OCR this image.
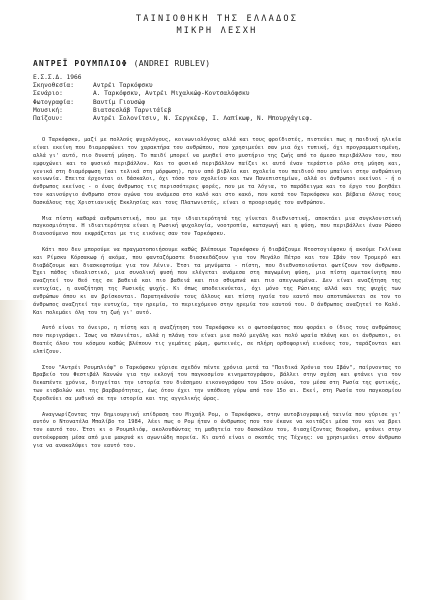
ΤΑΙΝΙΟΘΗΚΗ ΤΗΣ ΕΛΛΑΔΟΣ
ΜΙΚΡΗ ΛΕΣΧΗ
ΑΝΤΡΕΪ ΡΟΥΜΠΛΙΟΦ (ANDREI RUBLEV)
Ε.Σ.Σ.Δ. 1966
Σκηνοθεσία:	Αντρέι Ταρκόφσκυ
Σενάριο:	Α. Ταρκόφσκυ, Αντρέι Μιχαλκώφ-Κοντσαλόφσκυ
Φωτογραφία:	Βαντίμ Γιουσώφ
Μουσική:	Βιατσεσλάβ Ταρνιτάϊεβ
Παίζουν:	Αντρέι Σολονίτσιν, Ν. Σεργκέεφ, Ι. Λαπίκωφ, Ν. Μπουρχάγιεφ.

Ο Ταρκόφσκυ, μαζί με πολλούς ψυχολόγους, κοινωνιολόγους αλλά και τους φροϊδιστές, πιστεύει πως η παιδική ηλικία είναι εκείνη που διαμορφώνει τον χαρακτήρα του ανθρώπου, που χρησιμεύει σαν μια όχι τυπική, όχι προγραμματισμένη, αλλά γι' αυτό, πιο δυνατή μύηση. Το παιδί μπορεί να μυηθεί στο μυστήριο της ζωής από το άμεσο περιβάλλον του, που εμφυχώνει και το φυσικό περιβάλλον. Και το φυσικό περιβάλλον παίζει κι αυτό έναν τεράστιο ρόλο στη μύηση και, γενικά στη διαμόρφωση (και τελικά στη μόρφωση), πριν από βιβλία και σχολεία του παιδιού που μπαίνει στην ανθρώπινη κοινωνία. Επειτα έρχονται οι δάσκαλοι, όχι τόσο του σχολείου και των Πανεπιστημίων, αλλά οι άνθρωποι εκείνοι - ή ο άνθρωπος εκείνος - ο ένας άνθρωπος τις περισσότερες φορές, που με τα λόγια, το παράδειγμα και το έργο του βοηθάει τον καινούργιο άνθρωπο στον αγώνα του ανάμεσα στο καλό και στο κακό, που κατά τον Ταρκόφσκυ και βέβαια όλους τους δασκάλους της Χριστιανικής Εκκλησίας και τους Πλατωνιστές, είναι ο προορισμός του ανθρώπου.

Μια πίστη καθαρά ανθρωπιστική, που με την ιδιαιτερότητά της γίνεται διεθνιστική, αποκτάει μια συγκλονιστική παγκοσμιότητα. Η ιδιαιτερότητα είναι η Ρωσική ψυχολογία, νοοτροπία, καταγωγή και η φύση, που περιβάλλει έναν Ρώσσο διανοούμενο που εκφράζεται με τις εικόνες σαν τον Ταρκόφσκυ.

Κάτι που δεν μπορούμε να πραγματοποιήσουμε καθώς βλέπουμε Ταρκόφσκυ ή διαβάζουμε Ντοστογιέφσκυ ή ακούμε Γκλίνκα και Ρίμσκυ Κόρσακωφ ή ακόμα, που φανταζόμαστε διασκεδάζουν για τον Μεγάλο Πέτρο και τον Ιβάν τον Τρομερό και διαβάζουμε και διασκεφτούμε για τον Λένιν. Έτσι τα μηνύματα - πίστη, που διεθνοποιούνται φωτίζουν τον άνθρωπο. Έχει πάθος ιδεαλιστικό, μια συνολική φυσή που ελέγεται ανάμεσα στη παγωμένη φύση, μια πίστη αμετακίνητη που αναζητεί τον Θεό της σε βαθειά και πιο βαθειά και πιο σθυμπνά και πιο απεγνωσμένα. Δεν είναι αναζήτηση της ευτυχίας, η αναζήτηση της Ρωσικής ψυχής. Κι όπως αποδεικνύεται, όχι μόνο της Ρώσικης αλλά και της ψυχής των ανθρώπων όπου κι αν βρίσκονται. Παρατηκάνούν τους άλλους και πίστη ηγαία του εαυτό που αποτυπώνεται σε τον το άνθρωπος αναζητεί την ευτυχία, την ηρεμία, το περιεχόμενο στην ηρεμία του εαυτού του. Ο άνθρωπος αναζητεί το Καλό. Και πολεμάει όλη του τη ζωή γι' αυτό.

Αυτό είναι το όνειρο, η πίστη και η αναζήτηση του Ταρκόφσκυ κι ο φωτοσέφατος που φοράει ο ίδιος τους ανθρώπους που περιγράφει. Ίσως να πλανιέται, αλλά η πλάνη του είναι μια πολύ μεγάλη και πολύ ωραία πλάνη και οι άνθρωποι, οι θεατές όλου του κόσμου καθώς βλέπουν τις γεμάτες ρώμη, φωτεινές, σε πλήρη ορθοφορική εικόνες του, ταράζονται και ελπίζουν.

Στον "Αντρέι Ρουμπλιόφ" ο Ταρκόφσκυ γύρισε σχεδόν πέντε χρόνια μετά τα "Παιδικά Χρόνια του Ιβάν", παίρνοντας το Βραβείο του Φεστιβάλ Καννών για την εκλογή του παγκοσμίου κινηματογράφου, βάλλει στην σχέση και φτάνει για τον δεκαπέντε χρόνια, διηγείται την ιστορία του διάσημου εικονογράφου του 15ου αιώνα, του μέσα στη Ρωσία της φυτικής, των εισβολών και της βαρβαρότητας, έως ότου έχει την υπόθεση γύρω από τον 15ο αι. Εκεί, στη Ρωσία του παγκοσμίου ξεροδεύει σα μυθικό σε την ιστορία και της αγγελικής ώρας.

Αναγνωρίζοντας την δημιουργική επίδραση του Μιχαήλ Ρομ, ο Ταρκόφσκυ, στην αυτοβιογραφική ταινία που γύρισε γι' αυτόν ο Ντονατέλα Μπαλίβο το 1984, λέει πως ο Ρομ ήταν ο άνθρωπος που τον έκανε να κοιτάζει μέσα του και να βρει τον εαυτό του. Έτσι κι ο Ρουμπλιόφ, ακολουθώντας τη μαθητεία του δασκάλου του, διασχίζοντας θεοφάνη, φτάνει στην αυτοέκφραση μέσα από μια μακρυά κι αγωνιώδη πορεία. Κι αυτό είναι ο σκοπός της Τέχνης: να χρησιμεύει στον άνθρωπο για να ανακαλύψει τον εαυτό του.
